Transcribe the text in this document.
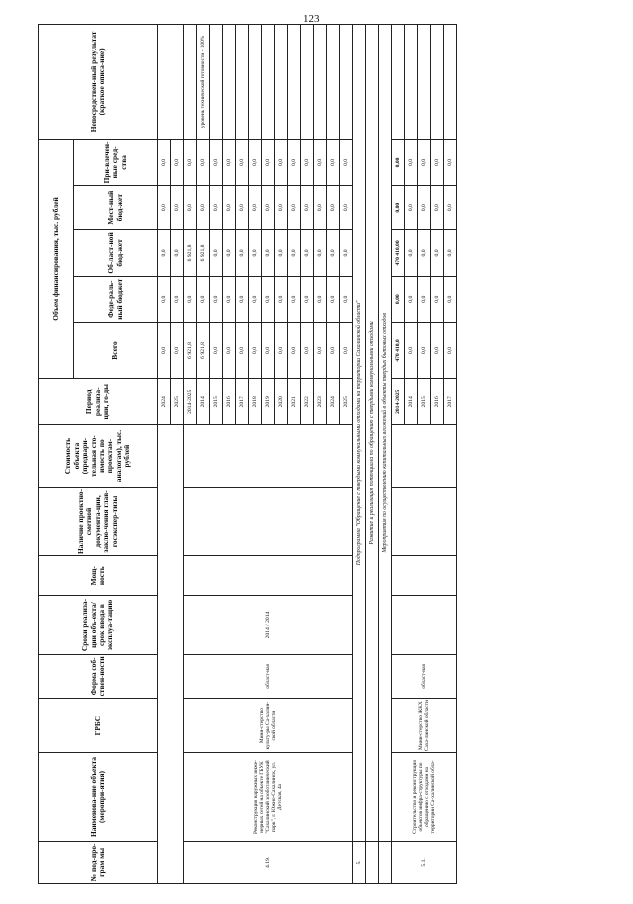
123
№ под-про-грам мы	Наименова-ние объекта (меропри-ятия)	ГРБС	Форма соб-ствен-ности	Сроки реализа-ции объ-екта/срок ввода в эксплуа-тацию	Мощ-ность	Наличие проектно-сметной документа-ции, заклю-чения глав-госэкспер-тизы	Стоимость объекта (предвари-тельная сто-имость по проектам-аналогам), тыс. рублей	Период реализа-ции, го-ды	Объем финансирования, тыс. рублей					Непосредствен-ный результат (краткое описа-ние)
									Всего	Феде-раль-ный бюджет	Об-ласт-ной бюд-жет	Мест-ный бюд-жет	При-влечен-ные сред-ства	
								2024	0,0	0,0	0,0	0,0	0,0	
								2025	0,0	0,0	0,0	0,0	0,0	
4.19.	Реконструкция наружных инже-нерных сетей на объекте ГБУК "Сахалинский зооботанический парк", г. Южно-Сахалинск, ул. Детская, 4а	Мини-стерство культу-ры Са-халин-ской области	област-ная	2014 / 2014				2014-2025	6 921,8	0,0	6 921,8	0,0	0,0	
								2014	6 921,8	0,0	6 921,8	0,0	0,0	уровень технической готовности - 100%
								2015	0,0	0,0	0,0	0,0	0,0	
								2016	0,0	0,0	0,0	0,0	0,0	
								2017	0,0	0,0	0,0	0,0	0,0	
								2018	0,0	0,0	0,0	0,0	0,0	
								2019	0,0	0,0	0,0	0,0	0,0	
								2020	0,0	0,0	0,0	0,0	0,0	
								2021	0,0	0,0	0,0	0,0	0,0	
								2022	0,0	0,0	0,0	0,0	0,0	
								2023	0,0	0,0	0,0	0,0	0,0	
								2024	0,0	0,0	0,0	0,0	0,0	
								2025	0,0	0,0	0,0	0,0	0,0	
5.	Подпрограмма "Обращение с твердыми коммунальными отходами на территории Сахалинской области"													
	Развитие и реализация потенциала по обращению с твердыми коммунальными отходами													
	Мероприятия по осуществлению капитальных вложений в объекты твердых бытовых отходов													
5.1.	Строительство и реконструкция объектов инфра-структуры по обращению с отходами на территории Са-халинской обла-	Мини-стерство ЖКХ Саха-линской области	област-ная					2014-2025	470 410,0	0,00	470 410,00	0,00	0,00	
								2014	0,0	0,0	0,0	0,0	0,0	
								2015	0,0	0,0	0,0	0,0	0,0	
								2016	0,0	0,0	0,0	0,0	0,0	
								2017	0,0	0,0	0,0	0,0	0,0	
